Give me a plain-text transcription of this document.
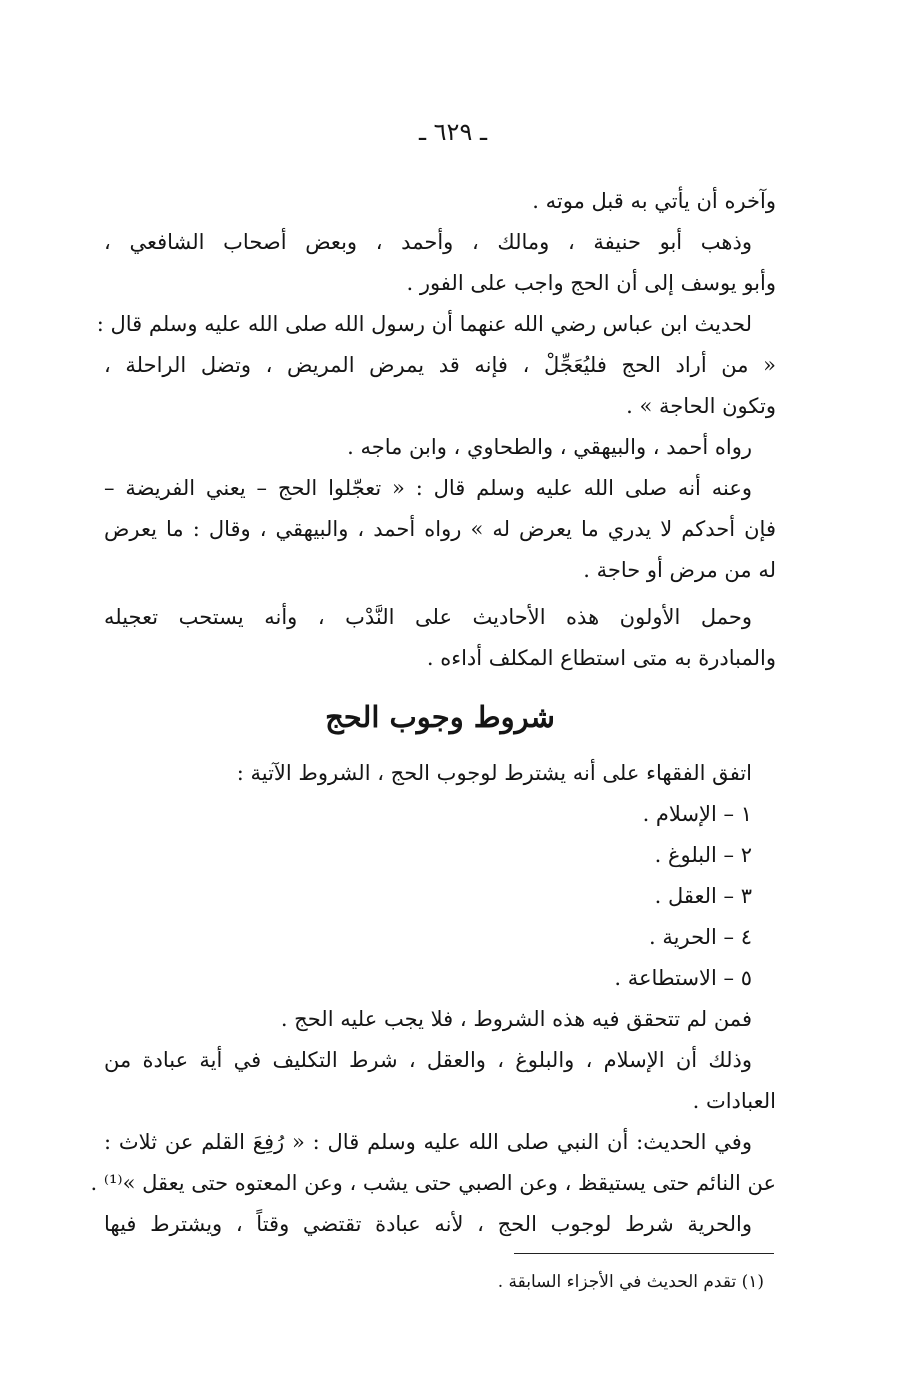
ـ ٦٢٩ ـ

وآخره أن يأتي به قبل موته .

وذهب أبو حنيفة ، ومالك ، وأحمد ، وبعض أصحاب الشافعي ،

وأبو يوسف إلى أن الحج واجب على الفور .

لحديث ابن عباس رضي الله عنهما أن رسول الله صلى الله عليه وسلم قال :

« من أراد الحج فليُعَجِّلْ ، فإنه قد يمرض المريض ، وتضل الراحلة ،

وتكون الحاجة » .

رواه أحمد ، والبيهقي ، والطحاوي ، وابن ماجه .

وعنه أنه صلى الله عليه وسلم قال : « تعجّلوا الحج – يعني الفريضة –

فإن أحدكم لا يدري ما يعرض له » رواه أحمد ، والبيهقي ، وقال : ما يعرض

له من مرض أو حاجة .

وحمل الأولون هذه الأحاديث على النَّدْب ، وأنه يستحب تعجيله

والمبادرة به متى استطاع المكلف أداءه .

شروط وجوب الحج

اتفق الفقهاء على أنه يشترط لوجوب الحج ، الشروط الآتية :

١ – الإسلام .

٢ – البلوغ .

٣ – العقل .

٤ – الحرية .

٥ – الاستطاعة .

فمن لم تتحقق فيه هذه الشروط ، فلا يجب عليه الحج .

وذلك أن الإسلام ، والبلوغ ، والعقل ، شرط التكليف في أية عبادة من

العبادات .

وفي الحديث: أن النبي صلى الله عليه وسلم قال : « رُفِعَ القلم عن ثلاث :

عن النائم حتى يستيقظ ، وعن الصبي حتى يشب ، وعن المعتوه حتى يعقل »⁽¹⁾ .

والحرية شرط لوجوب الحج ، لأنه عبادة تقتضي وقتاً ، ويشترط فيها

(١) تقدم الحديث في الأجزاء السابقة .
